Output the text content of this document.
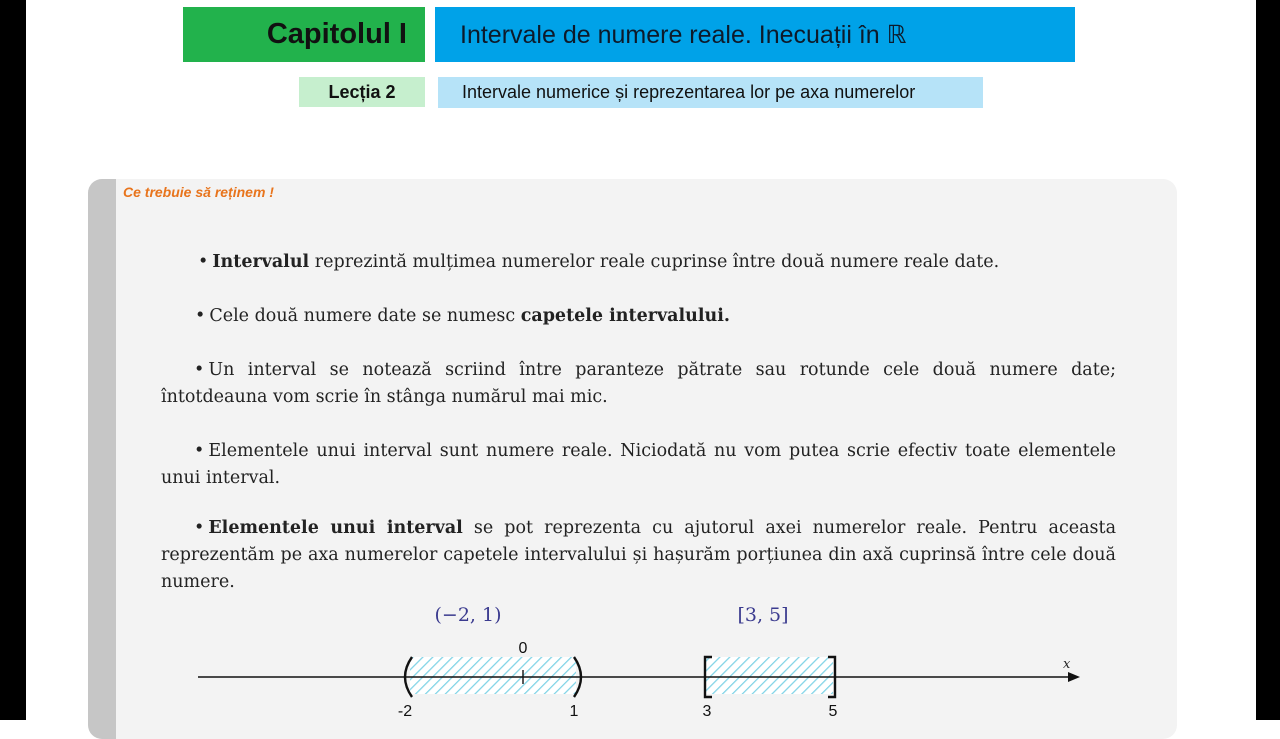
Capitolul I Intervale de numere reale. Inecuații în ℝ
Lecția 2	Intervale numerice și reprezentarea lor pe axa numerelor
Ce trebuie să reținem !
• Intervalul reprezintă mulțimea numerelor reale cuprinse între două numere reale date.
• Cele două numere date se numesc capetele intervalului.
• Un interval se notează scriind între paranteze pătrate sau rotunde cele două numere date; întotdeauna vom scrie în stânga numărul mai mic.
• Elementele unui interval sunt numere reale. Niciodată nu vom putea scrie efectiv toate elementele unui interval.
• Elementele unui interval se pot reprezenta cu ajutorul axei numerelor reale. Pentru aceasta reprezentăm pe axa numerelor capetele intervalului și hașurăm porțiunea din axă cuprinsă între cele două numere.
(−2, 1)	[3, 5]
x
0
-2	1	3	5
